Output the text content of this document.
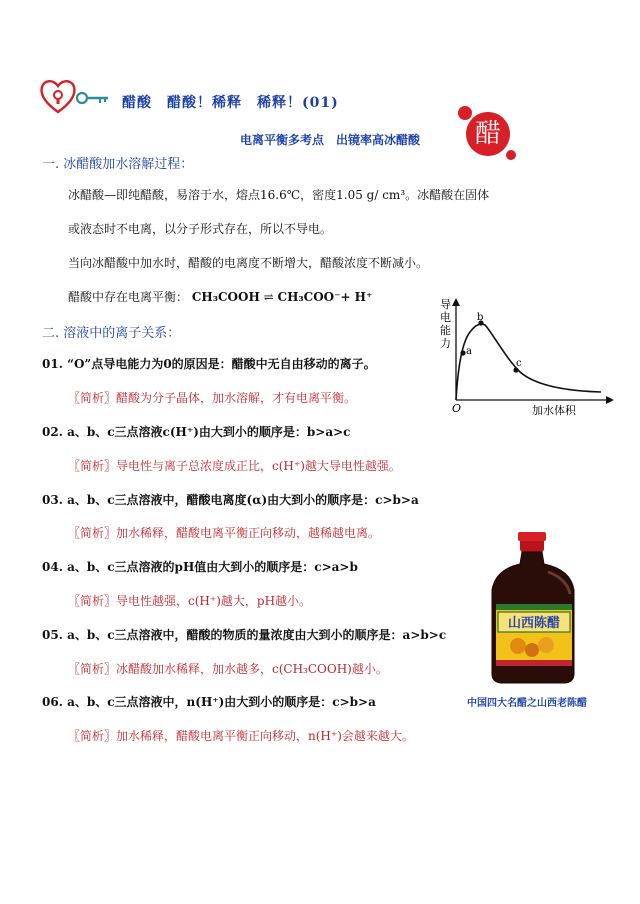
醋酸　醋酸！稀释　稀释！(01)
醋
电离平衡多考点　出镜率高冰醋酸
一. 冰醋酸加水溶解过程：
冰醋酸—即纯醋酸，易溶于水，熔点16.6℃，密度1.05 g/ cm³。冰醋酸在固体
或液态时不电离，以分子形式存在，所以不导电。
当向冰醋酸中加水时，醋酸的电离度不断增大，醋酸浓度不断减小。
醋酸中存在电离平衡： CH₃COOH ⇌ CH₃COO⁻+ H⁺
二. 溶液中的离子关系：
01. “O”点导电能力为0的原因是：醋酸中无自由移动的离子。
〖简析〗醋酸为分子晶体，加水溶解，才有电离平衡。
02. a、b、c三点溶液c(H⁺)由大到小的顺序是：b>a>c
〖简析〗导电性与离子总浓度成正比，c(H⁺)越大导电性越强。
03. a、b、c三点溶液中，醋酸电离度(α)由大到小的顺序是：c>b>a
〖简析〗加水稀释，醋酸电离平衡正向移动，越稀越电离。
04. a、b、c三点溶液的pH值由大到小的顺序是：c>a>b
〖简析〗导电性越强，c(H⁺)越大，pH越小。
05. a、b、c三点溶液中，醋酸的物质的量浓度由大到小的顺序是：a>b>c
〖简析〗冰醋酸加水稀释，加水越多，c(CH₃COOH)越小。
06. a、b、c三点溶液中，n(H⁺)由大到小的顺序是：c>b>a
〖简析〗加水稀释，醋酸电离平衡正向移动，n(H⁺)会越来越大。
a
b
c
O	加水体积
导
电
能
力
山西陈醋
中国四大名醋之山西老陈醋
